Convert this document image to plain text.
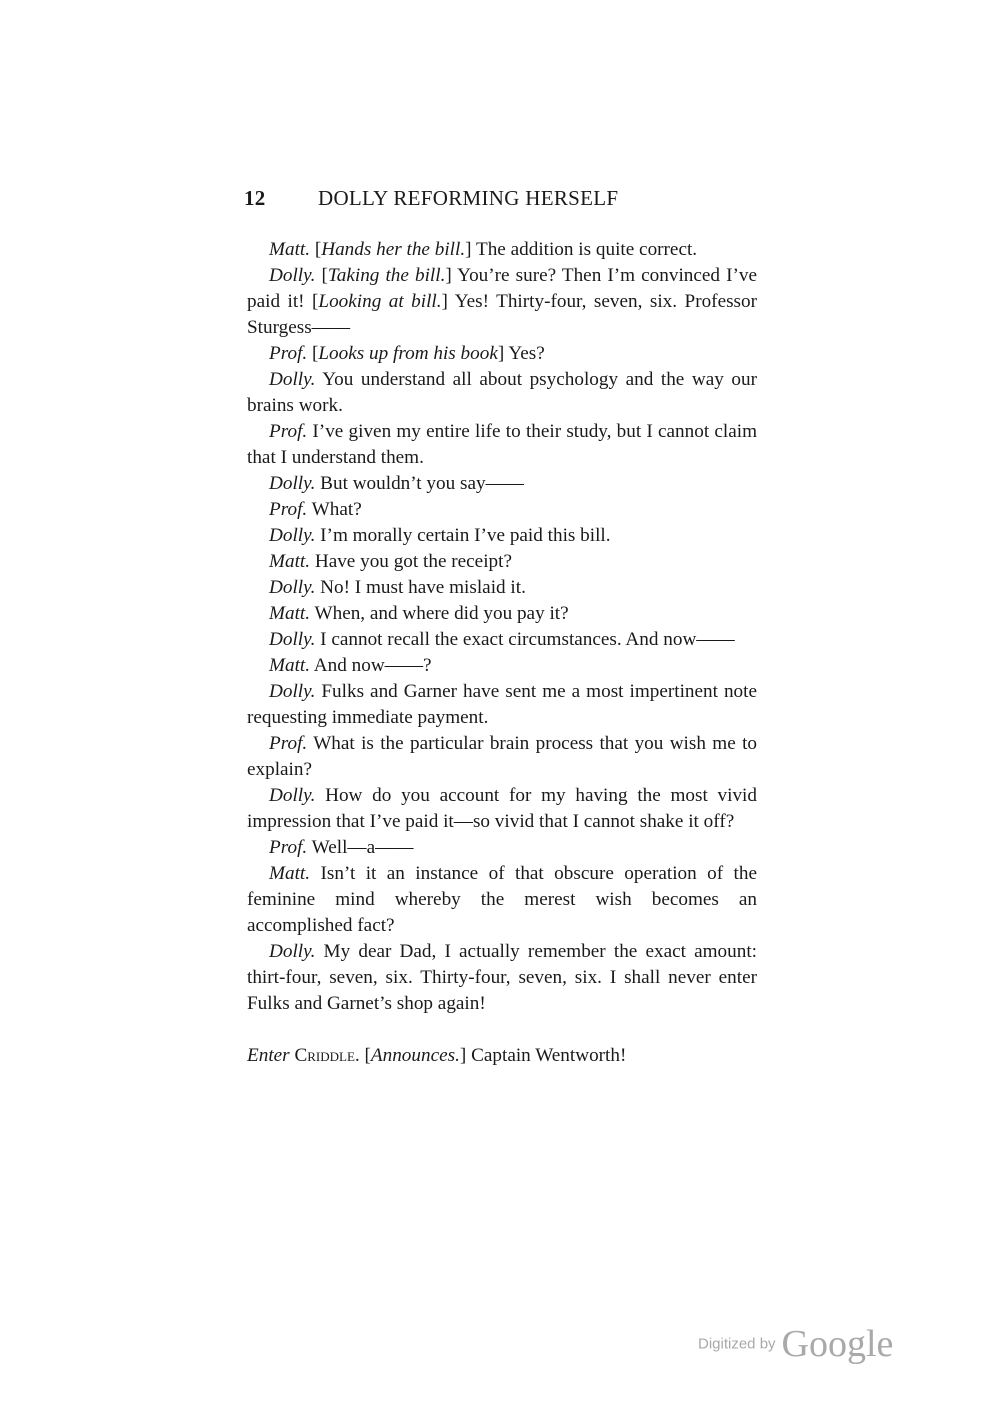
12 DOLLY REFORMING HERSELF

Matt. [Hands her the bill.] The addition is quite correct.

Dolly. [Taking the bill.] You’re sure? Then I’m convinced I’ve paid it! [Looking at bill.] Yes! Thirty-four, seven, six. Professor Sturgess——

Prof. [Looks up from his book] Yes?

Dolly. You understand all about psychology and the way our brains work.

Prof. I’ve given my entire life to their study, but I cannot claim that I understand them.

Dolly. But wouldn’t you say——

Prof. What?

Dolly. I’m morally certain I’ve paid this bill.

Matt. Have you got the receipt?

Dolly. No! I must have mislaid it.

Matt. When, and where did you pay it?

Dolly. I cannot recall the exact circumstances. And now——

Matt. And now——?

Dolly. Fulks and Garner have sent me a most impertinent note requesting immediate payment.

Prof. What is the particular brain process that you wish me to explain?

Dolly. How do you account for my having the most vivid impression that I’ve paid it—so vivid that I cannot shake it off?

Prof. Well—a——

Matt. Isn’t it an instance of that obscure operation of the feminine mind whereby the merest wish becomes an accomplished fact?

Dolly. My dear Dad, I actually remember the exact amount: thirt-four, seven, six. Thirty-four, seven, six. I shall never enter Fulks and Garnet’s shop again!

Enter Criddle. [Announces.] Captain Wentworth!

Digitized by Google
